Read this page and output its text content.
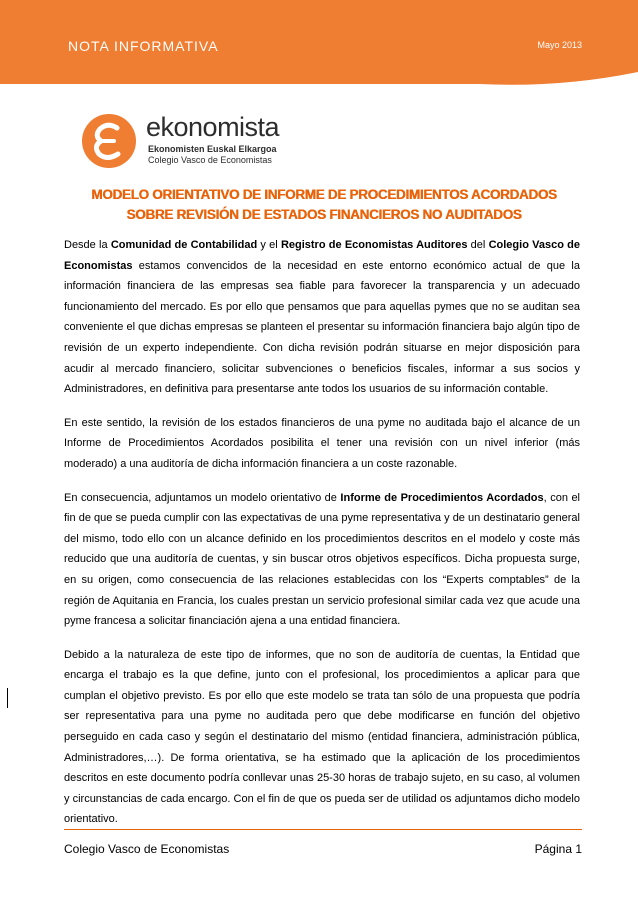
NOTA INFORMATIVA	Mayo 2013
ekonomista
Ekonomisten Euskal Elkargoa
Colegio Vasco de Economistas
MODELO ORIENTATIVO DE INFORME DE PROCEDIMIENTOS ACORDADOS
SOBRE REVISIÓN DE ESTADOS FINANCIEROS NO AUDITADOS

Desde la Comunidad de Contabilidad y el Registro de Economistas Auditores del Colegio Vasco de Economistas estamos convencidos de la necesidad en este entorno económico actual de que la información financiera de las empresas sea fiable para favorecer la transparencia y un adecuado funcionamiento del mercado. Es por ello que pensamos que para aquellas pymes que no se auditan sea conveniente el que dichas empresas se planteen el presentar su información financiera bajo algún tipo de revisión de un experto independiente. Con dicha revisión podrán situarse en mejor disposición para acudir al mercado financiero, solicitar subvenciones o beneficios fiscales, informar a sus socios y Administradores, en definitiva para presentarse ante todos los usuarios de su información contable.

En este sentido, la revisión de los estados financieros de una pyme no auditada bajo el alcance de un Informe de Procedimientos Acordados posibilita el tener una revisión con un nivel inferior (más moderado) a una auditoría de dicha información financiera a un coste razonable.

En consecuencia, adjuntamos un modelo orientativo de Informe de Procedimientos Acordados, con el fin de que se pueda cumplir con las expectativas de una pyme representativa y de un destinatario general del mismo, todo ello con un alcance definido en los procedimientos descritos en el modelo y coste más reducido que una auditoría de cuentas, y sin buscar otros objetivos específicos. Dicha propuesta surge, en su origen, como consecuencia de las relaciones establecidas con los “Experts comptables” de la región de Aquitania en Francia, los cuales prestan un servicio profesional similar cada vez que acude una pyme francesa a solicitar financiación ajena a una entidad financiera.

Debido a la naturaleza de este tipo de informes, que no son de auditoría de cuentas, la Entidad que encarga el trabajo es la que define, junto con el profesional, los procedimientos a aplicar para que cumplan el objetivo previsto. Es por ello que este modelo se trata tan sólo de una propuesta que podría ser representativa para una pyme no auditada pero que debe modificarse en función del objetivo perseguido en cada caso y según el destinatario del mismo (entidad financiera, administración pública, Administradores,…). De forma orientativa, se ha estimado que la aplicación de los procedimientos descritos en este documento podría conllevar unas 25-30 horas de trabajo sujeto, en su caso, al volumen y circunstancias de cada encargo. Con el fin de que os pueda ser de utilidad os adjuntamos dicho modelo orientativo.

Colegio Vasco de Economistas	Página 1
